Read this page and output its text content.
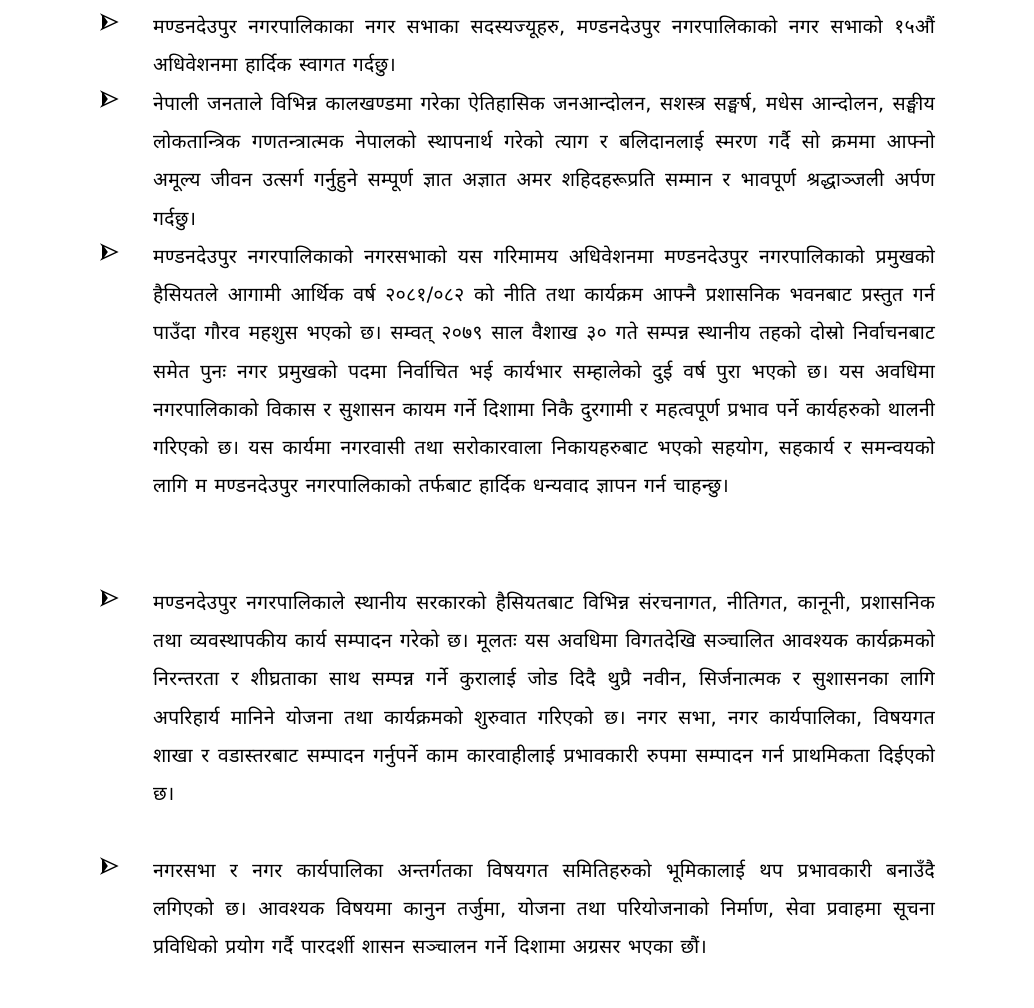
मण्डनदेउपुर नगरपालिकाका नगर सभाका सदस्यज्यूहरु, मण्डनदेउपुर नगरपालिकाको नगर सभाको १५औं अधिवेशनमा हार्दिक स्वागत गर्दछु।
नेपाली जनताले विभिन्न कालखण्डमा गरेका ऐतिहासिक जनआन्दोलन, सशस्त्र सङ्घर्ष, मधेस आन्दोलन, सङ्घीय लोकतान्त्रिक गणतन्त्रात्मक नेपालको स्थापनार्थ गरेको त्याग र बलिदानलाई स्मरण गर्दै सो क्रममा आफ्नो अमूल्य जीवन उत्सर्ग गर्नुहुने सम्पूर्ण ज्ञात अज्ञात अमर शहिदहरूप्रति सम्मान र भावपूर्ण श्रद्धाञ्जली अर्पण गर्दछु।
मण्डनदेउपुर नगरपालिकाको नगरसभाको यस गरिमामय अधिवेशनमा मण्डनदेउपुर नगरपालिकाको प्रमुखको हैसियतले आगामी आर्थिक वर्ष २०८१/०८२ को नीति तथा कार्यक्रम आफ्नै प्रशासनिक भवनबाट प्रस्तुत गर्न पाउँदा गौरव महशुस भएको छ। सम्वत् २०७९ साल वैशाख ३० गते सम्पन्न स्थानीय तहको दोस्रो निर्वाचनबाट समेत पुनः नगर प्रमुखको पदमा निर्वाचित भई कार्यभार सम्हालेको दुई वर्ष पुरा भएको छ। यस अवधिमा नगरपालिकाको विकास र सुशासन कायम गर्ने दिशामा निकै दुरगामी र महत्वपूर्ण प्रभाव पर्ने कार्यहरुको थालनी गरिएको छ। यस कार्यमा नगरवासी तथा सरोकारवाला निकायहरुबाट भएको सहयोग, सहकार्य र समन्वयको लागि म मण्डनदेउपुर नगरपालिकाको तर्फबाट हार्दिक धन्यवाद ज्ञापन गर्न चाहन्छु।
मण्डनदेउपुर नगरपालिकाले स्थानीय सरकारको हैसियतबाट विभिन्न संरचनागत, नीतिगत, कानूनी, प्रशासनिक तथा व्यवस्थापकीय कार्य सम्पादन गरेको छ। मूलतः यस अवधिमा विगतदेखि सञ्चालित आवश्यक कार्यक्रमको निरन्तरता र शीघ्रताका साथ सम्पन्न गर्ने कुरालाई जोड दिदै थुप्रै नवीन, सिर्जनात्मक र सुशासनका लागि अपरिहार्य मानिने योजना तथा कार्यक्रमको शुरुवात गरिएको छ। नगर सभा, नगर कार्यपालिका, विषयगत शाखा र वडास्तरबाट सम्पादन गर्नुपर्ने काम कारवाहीलाई प्रभावकारी रुपमा सम्पादन गर्न प्राथमिकता दिईएको छ।
नगरसभा र नगर कार्यपालिका अन्तर्गतका विषयगत समितिहरुको भूमिकालाई थप प्रभावकारी बनाउँदै लगिएको छ। आवश्यक विषयमा कानुन तर्जुमा, योजना तथा परियोजनाको निर्माण, सेवा प्रवाहमा सूचना प्रविधिको प्रयोग गर्दै पारदर्शी शासन सञ्चालन गर्ने दिशामा अग्रसर भएका छौं।
